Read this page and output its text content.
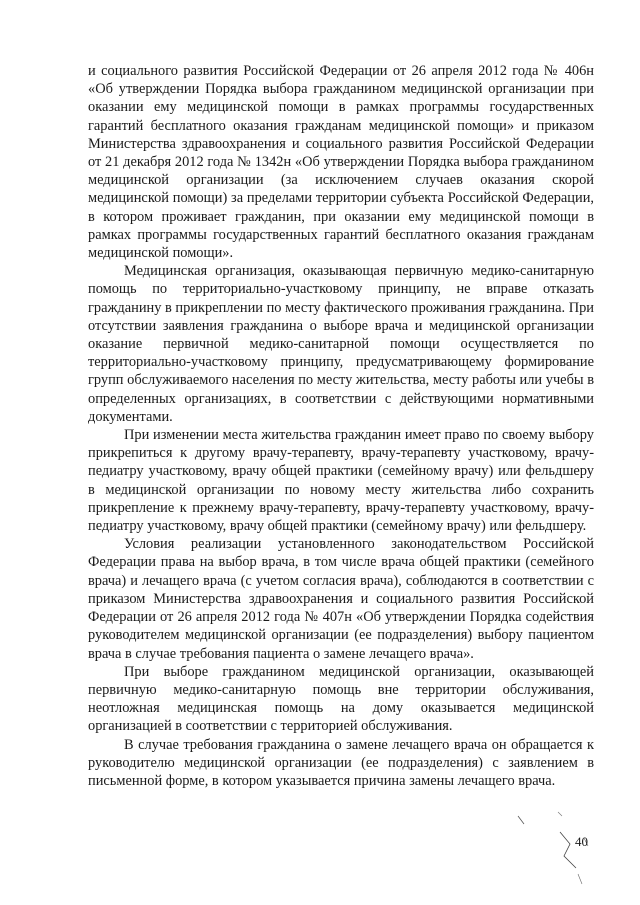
и социального развития Российской Федерации от 26 апреля 2012 года № 406н «Об утверждении Порядка выбора гражданином медицинской организации при оказании ему медицинской помощи в рамках программы государственных гарантий бесплатного оказания гражданам медицинской помощи» и приказом Министерства здравоохранения и социального развития Российской Федерации от 21 декабря 2012 года № 1342н «Об утверждении Порядка выбора гражданином медицинской организации (за исключением случаев оказания скорой медицинской помощи) за пределами территории субъекта Российской Федерации, в котором проживает гражданин, при оказании ему медицинской помощи в рамках программы государственных гарантий бесплатного оказания гражданам медицинской помощи».

Медицинская организация, оказывающая первичную медико-санитарную помощь по территориально-участковому принципу, не вправе отказать гражданину в прикреплении по месту фактического проживания гражданина. При отсутствии заявления гражданина о выборе врача и медицинской организации оказание первичной медико-санитарной помощи осуществляется по территориально-участковому принципу, предусматривающему формирование групп обслуживаемого населения по месту жительства, месту работы или учебы в определенных организациях, в соответствии с действующими нормативными документами.

При изменении места жительства гражданин имеет право по своему выбору прикрепиться к другому врачу-терапевту, врачу-терапевту участковому, врачу-педиатру участковому, врачу общей практики (семейному врачу) или фельдшеру в медицинской организации по новому месту жительства либо сохранить прикрепление к прежнему врачу-терапевту, врачу-терапевту участковому, врачу-педиатру участковому, врачу общей практики (семейному врачу) или фельдшеру.

Условия реализации установленного законодательством Российской Федерации права на выбор врача, в том числе врача общей практики (семейного врача) и лечащего врача (с учетом согласия врача), соблюдаются в соответствии с приказом Министерства здравоохранения и социального развития Российской Федерации от 26 апреля 2012 года № 407н «Об утверждении Порядка содействия руководителем медицинской организации (ее подразделения) выбору пациентом врача в случае требования пациента о замене лечащего врача».

При выборе гражданином медицинской организации, оказывающей первичную медико-санитарную помощь вне территории обслуживания, неотложная медицинская помощь на дому оказывается медицинской организацией в соответствии с территорией обслуживания.

В случае требования гражданина о замене лечащего врача он обращается к руководителю медицинской организации (ее подразделения) с заявлением в письменной форме, в котором указывается причина замены лечащего врача.

40
